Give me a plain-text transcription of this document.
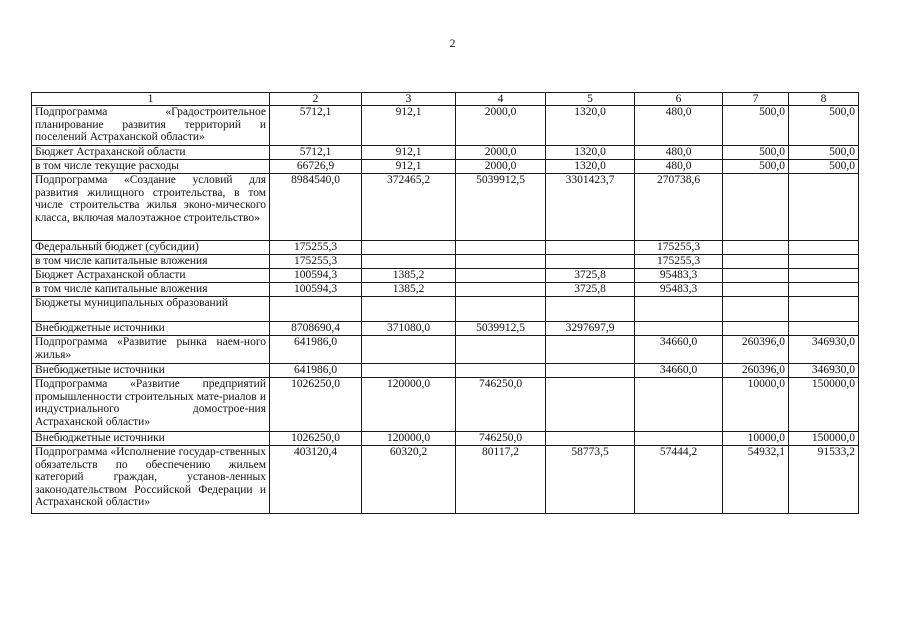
2
1	2	3	4	5	6	7	8
Подпрограмма «Градостроительное планирование развития территорий и поселений Астраханской области»	5712,1	912,1	2000,0	1320,0	480,0	500,0	500,0
Бюджет Астраханской области	5712,1	912,1	2000,0	1320,0	480,0	500,0	500,0
в том числе текущие расходы	66726,9	912,1	2000,0	1320,0	480,0	500,0	500,0
Подпрограмма «Создание условий для развития жилищного строительства, в том числе строительства жилья эконо-мического класса, включая малоэтажное строительство»	8984540,0	372465,2	5039912,5	3301423,7	270738,6		
Федеральный бюджет (субсидии)	175255,3				175255,3		
в том числе капитальные вложения	175255,3				175255,3		
Бюджет Астраханской области	100594,3	1385,2		3725,8	95483,3		
в том числе капитальные вложения	100594,3	1385,2		3725,8	95483,3		
Бюджеты муниципальных образований							
Внебюджетные источники	8708690,4	371080,0	5039912,5	3297697,9			
Подпрограмма «Развитие рынка наем-ного жилья»	641986,0				34660,0	260396,0	346930,0
Внебюджетные источники	641986,0				34660,0	260396,0	346930,0
Подпрограмма «Развитие предприятий промышленности строительных мате-риалов и индустриального домострое-ния Астраханской области»	1026250,0	120000,0	746250,0			10000,0	150000,0
Внебюджетные источники	1026250,0	120000,0	746250,0			10000,0	150000,0
Подпрограмма «Исполнение государ-ственных обязательств по обеспечению жильем категорий граждан, установ-ленных законодательством Российской Федерации и Астраханской области»	403120,4	60320,2	80117,2	58773,5	57444,2	54932,1	91533,2
